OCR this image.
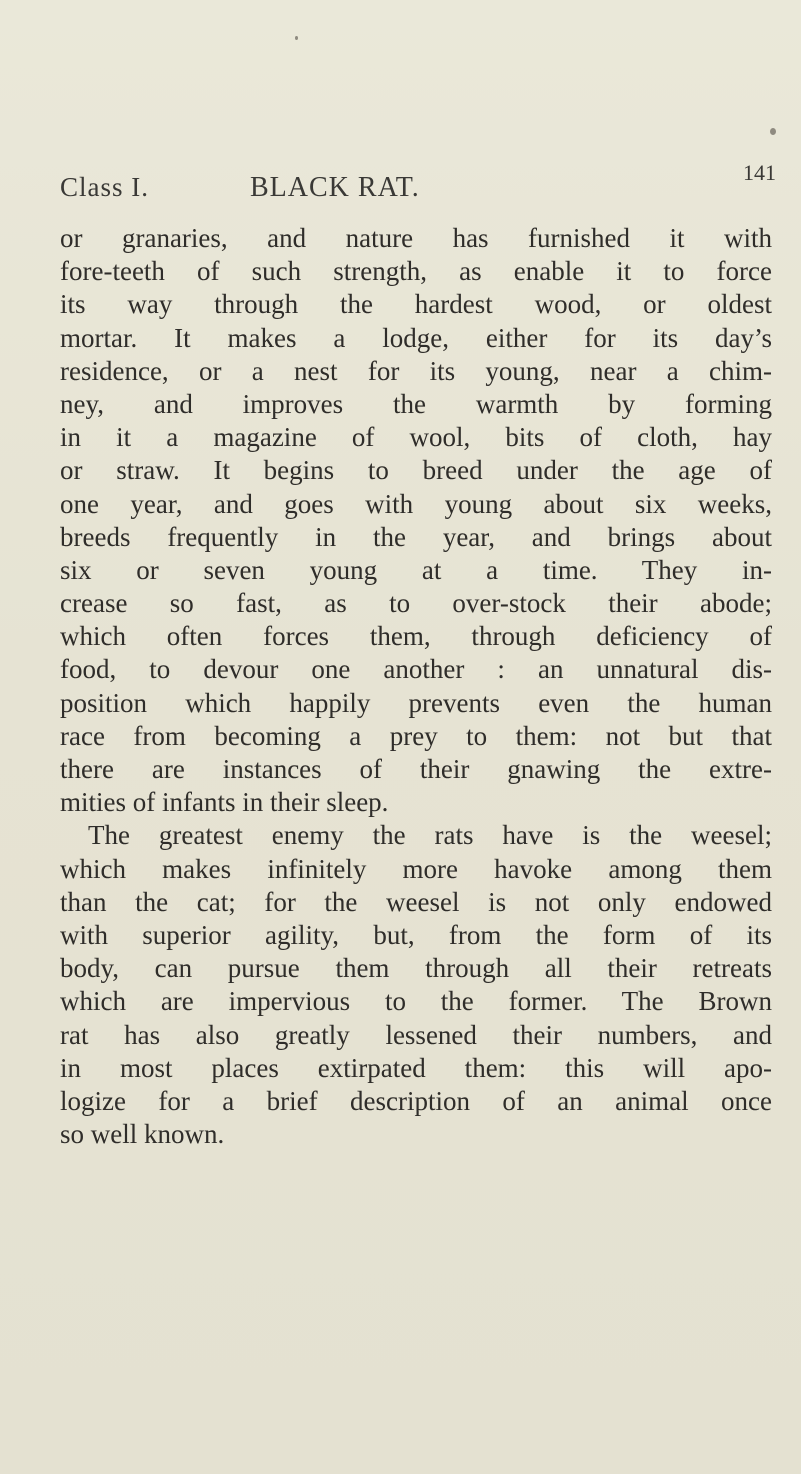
Class I.	BLACK RAT.	141
or granaries, and nature has furnished it with
fore-teeth of such strength, as enable it to force
its way through the hardest wood, or oldest
mortar. It makes a lodge, either for its day’s
residence, or a nest for its young, near a chim-
ney, and improves the warmth by forming
in it a magazine of wool, bits of cloth, hay
or straw. It begins to breed under the age of
one year, and goes with young about six weeks,
breeds frequently in the year, and brings about
six or seven young at a time. They in-
crease so fast, as to over-stock their abode;
which often forces them, through deficiency of
food, to devour one another : an unnatural dis-
position which happily prevents even the human
race from becoming a prey to them: not but that
there are instances of their gnawing the extre-
mities of infants in their sleep.
The greatest enemy the rats have is the weesel;
which makes infinitely more havoke among them
than the cat; for the weesel is not only endowed
with superior agility, but, from the form of its
body, can pursue them through all their retreats
which are impervious to the former. The Brown
rat has also greatly lessened their numbers, and
in most places extirpated them: this will apo-
logize for a brief description of an animal once
so well known.
